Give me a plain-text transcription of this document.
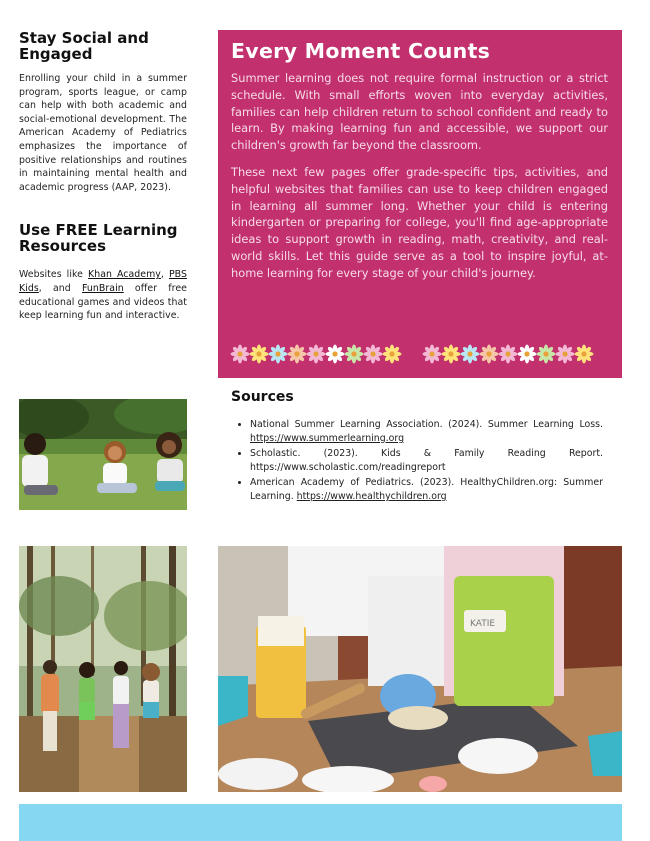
Stay Social and Engaged

Enrolling your child in a summer program, sports league, or camp can help with both academic and social-emotional development. The American Academy of Pediatrics emphasizes the importance of positive relationships and routines in maintaining mental health and academic progress (AAP, 2023).

Use FREE Learning Resources

Websites like Khan Academy, PBS Kids, and FunBrain offer free educational games and videos that keep learning fun and interactive.

Every Moment Counts

Summer learning does not require formal instruction or a strict schedule. With small efforts woven into everyday activities, families can help children return to school confident and ready to learn. By making learning fun and accessible, we support our children's growth far beyond the classroom.

These next few pages offer grade-specific tips, activities, and helpful websites that families can use to keep children engaged in learning all summer long. Whether your child is entering kindergarten or preparing for college, you'll find age-appropriate ideas to support growth in reading, math, creativity, and real-world skills. Let this guide serve as a tool to inspire joyful, at-home learning for every stage of your child's journey.

Sources
• National Summer Learning Association. (2024). Summer Learning Loss. https://www.summerlearning.org
• Scholastic. (2023). Kids & Family Reading Report. https://www.scholastic.com/readingreport
• American Academy of Pediatrics. (2023). HealthyChildren.org: Summer Learning. https://www.healthychildren.org
KATIE
